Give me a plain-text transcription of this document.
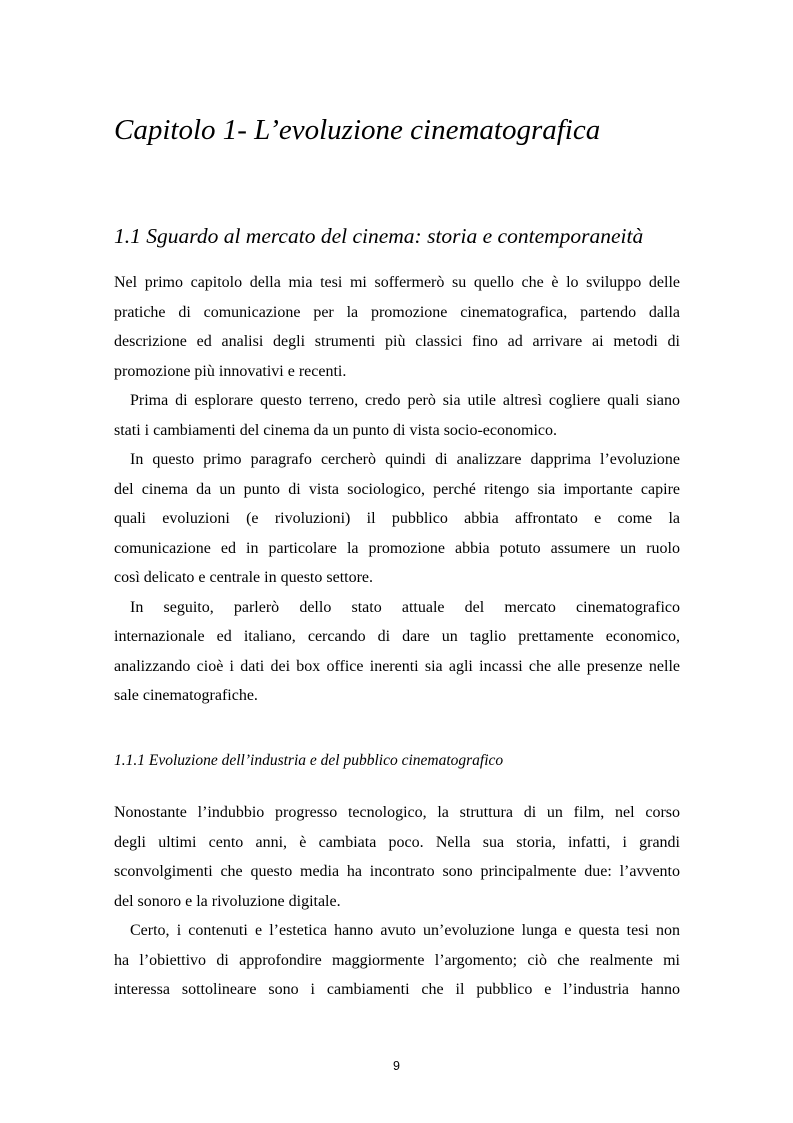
Capitolo 1- L’evoluzione cinematografica
1.1 Sguardo al mercato del cinema: storia e contemporaneità
Nel primo capitolo della mia tesi mi soffermerò su quello che è lo sviluppo delle
pratiche di comunicazione per la promozione cinematografica, partendo dalla
descrizione ed analisi degli strumenti più classici fino ad arrivare ai metodi di
promozione più innovativi e recenti.
Prima di esplorare questo terreno, credo però sia utile altresì cogliere quali siano
stati i cambiamenti del cinema da un punto di vista socio-economico.
In questo primo paragrafo cercherò quindi di analizzare dapprima l’evoluzione
del cinema da un punto di vista sociologico, perché ritengo sia importante capire
quali evoluzioni (e rivoluzioni) il pubblico abbia affrontato e come la
comunicazione ed in particolare la promozione abbia potuto assumere un ruolo
così delicato e centrale in questo settore.
In seguito, parlerò dello stato attuale del mercato cinematografico
internazionale ed italiano, cercando di dare un taglio prettamente economico,
analizzando cioè i dati dei box office inerenti sia agli incassi che alle presenze nelle
sale cinematografiche.
1.1.1 Evoluzione dell’industria e del pubblico cinematografico
Nonostante l’indubbio progresso tecnologico, la struttura di un film, nel corso
degli ultimi cento anni, è cambiata poco. Nella sua storia, infatti, i grandi
sconvolgimenti che questo media ha incontrato sono principalmente due: l’avvento
del sonoro e la rivoluzione digitale.
Certo, i contenuti e l’estetica hanno avuto un’evoluzione lunga e questa tesi non
ha l’obiettivo di approfondire maggiormente l’argomento; ciò che realmente mi
interessa sottolineare sono i cambiamenti che il pubblico e l’industria hanno
9
